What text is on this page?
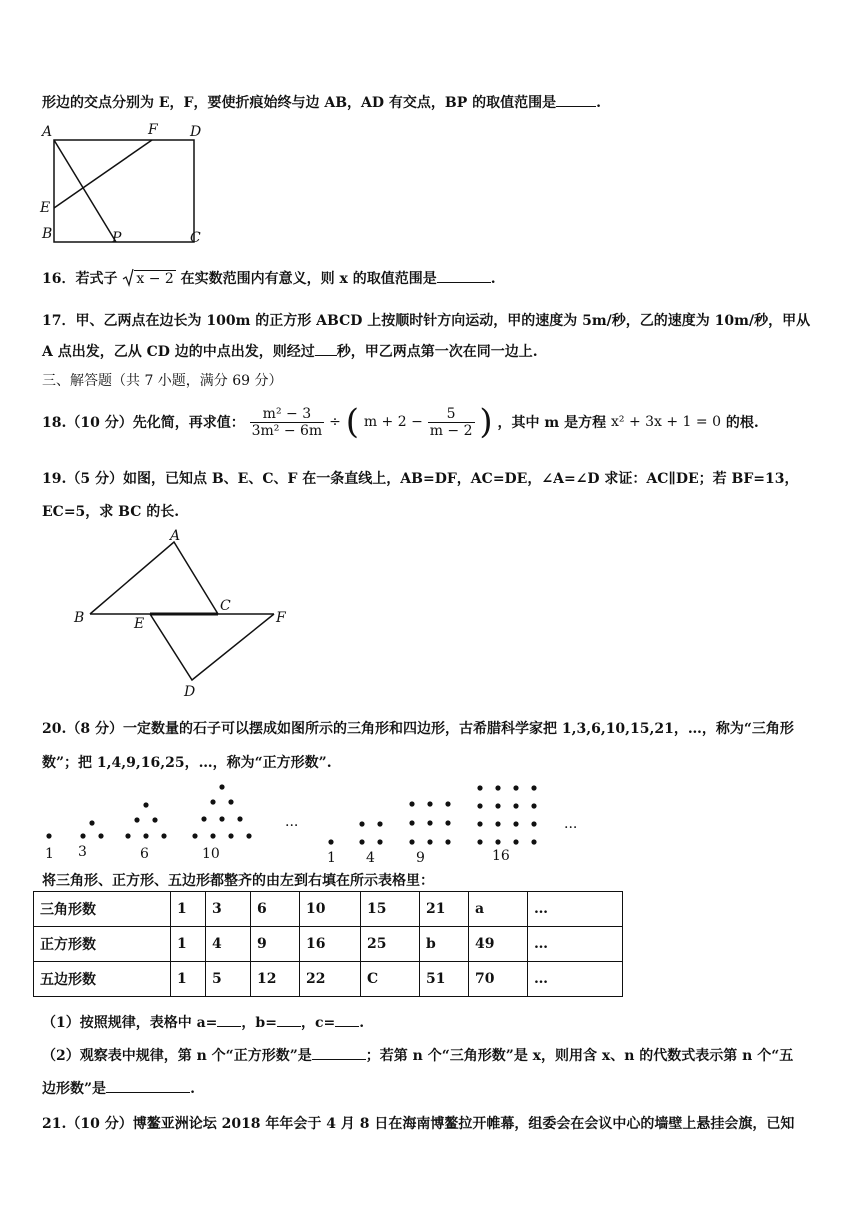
形边的交点分别为 E，F，要使折痕始终与边 AB，AD 有交点，BP 的取值范围是	.
A	F D
E
B	P	C
16．若式子 x − 2 在实数范围内有意义，则 x 的取值范围是	.
17．甲、乙两点在边长为 100m 的正方形 ABCD 上按顺时针方向运动，甲的速度为 5m/秒，乙的速度为 10m/秒，甲从
A 点出发，乙从 CD 边的中点出发，则经过 秒，甲乙两点第一次在同一边上.
三、解答题（共 7 小题，满分 69 分）
18.（10 分）先化简，再求值： $\frac{\text{m² − 3}}{\text{3m² − 6m}}$ ÷ ( $m + 2 - \frac{5}{m - 2}$ ) ，其中 m 是方程 x² + 3x + 1 = 0 的根.
19.（5 分）如图，已知点 B、E、C、F 在一条直线上，AB=DF，AC=DE，∠A=∠D 求证：AC∥DE；若 BF=13，
EC=5，求 BC 的长.
A
B
C
E	F
D
20.（8 分）一定数量的石子可以摆成如图所示的三角形和四边形，古希腊科学家把 1,3,6,10,15,21，…，称为“三角形
数”；把 1,4,9,16,25，…，称为“正方形数”.
1 3	6	10
...
1 4	9	16
...
将三角形、正方形、五边形都整齐的由左到右填在所示表格里：
三角形数	1	3	6	10	15	21	a	…
正方形数	1	4	9	16	25	b	49	…
五边形数	1	5	12	22	C	51	70	…
（1）按照规律，表格中 a= ，b= ，c= .
（2）观察表中规律，第 n 个“正方形数”是	；若第 n 个“三角形数”是 x，则用含 x、n 的代数式表示第 n 个“五
边形数”是	.
21.（10 分）博鳌亚洲论坛 2018 年年会于 4 月 8 日在海南博鳌拉开帷幕，组委会在会议中心的墙壁上悬挂会旗，已知
